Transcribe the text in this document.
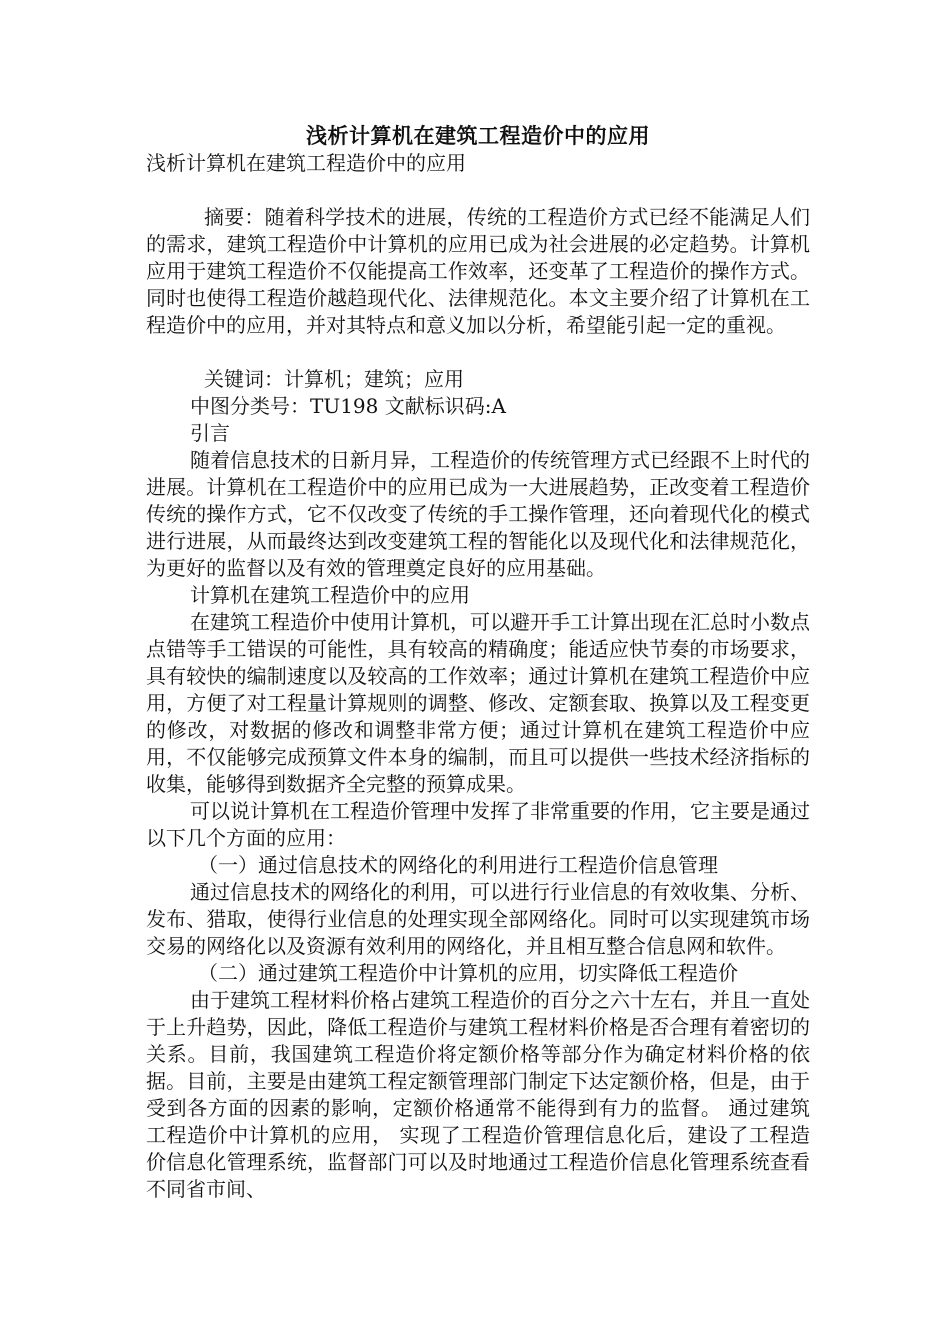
浅析计算机在建筑工程造价中的应用

浅析计算机在建筑工程造价中的应用

摘要：随着科学技术的进展，传统的工程造价方式已经不能满足人们的需求，建筑工程造价中计算机的应用已成为社会进展的必定趋势。计算机应用于建筑工程造价不仅能提高工作效率，还变革了工程造价的操作方式。同时也使得工程造价越趋现代化、法律规范化。本文主要介绍了计算机在工程造价中的应用，并对其特点和意义加以分析，希望能引起一定的重视。

关键词：计算机；建筑；应用

中图分类号：TU198 文献标识码:A

引言

随着信息技术的日新月异，工程造价的传统管理方式已经跟不上时代的进展。计算机在工程造价中的应用已成为一大进展趋势，正改变着工程造价传统的操作方式，它不仅改变了传统的手工操作管理，还向着现代化的模式进行进展，从而最终达到改变建筑工程的智能化以及现代化和法律规范化，为更好的监督以及有效的管理奠定良好的应用基础。

计算机在建筑工程造价中的应用

在建筑工程造价中使用计算机，可以避开手工计算出现在汇总时小数点点错等手工错误的可能性，具有较高的精确度；能适应快节奏的市场要求，具有较快的编制速度以及较高的工作效率；通过计算机在建筑工程造价中应用，方便了对工程量计算规则的调整、修改、定额套取、换算以及工程变更的修改，对数据的修改和调整非常方便；通过计算机在建筑工程造价中应用，不仅能够完成预算文件本身的编制，而且可以提供一些技术经济指标的收集，能够得到数据齐全完整的预算成果。

可以说计算机在工程造价管理中发挥了非常重要的作用，它主要是通过以下几个方面的应用：

（一）通过信息技术的网络化的利用进行工程造价信息管理

通过信息技术的网络化的利用，可以进行行业信息的有效收集、分析、发布、猎取，使得行业信息的处理实现全部网络化。同时可以实现建筑市场交易的网络化以及资源有效利用的网络化，并且相互整合信息网和软件。

（二）通过建筑工程造价中计算机的应用，切实降低工程造价

由于建筑工程材料价格占建筑工程造价的百分之六十左右，并且一直处于上升趋势，因此，降低工程造价与建筑工程材料价格是否合理有着密切的关系。目前，我国建筑工程造价将定额价格等部分作为确定材料价格的依据。目前，主要是由建筑工程定额管理部门制定下达定额价格，但是，由于受到各方面的因素的影响，定额价格通常不能得到有力的监督。 通过建筑工程造价中计算机的应用， 实现了工程造价管理信息化后，建设了工程造价信息化管理系统，监督部门可以及时地通过工程造价信息化管理系统查看不同省市间、
